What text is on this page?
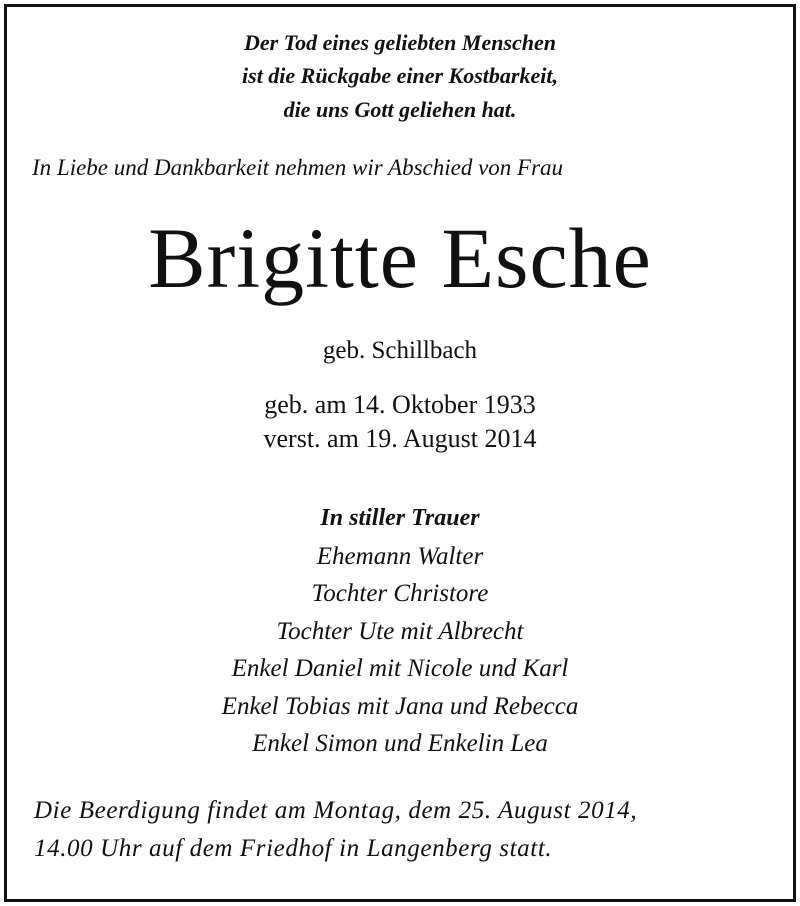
Der Tod eines geliebten Menschen
ist die Rückgabe einer Kostbarkeit,
die uns Gott geliehen hat.
In Liebe und Dankbarkeit nehmen wir Abschied von Frau
Brigitte Esche
geb. Schillbach
geb. am 14. Oktober 1933
verst. am 19. August 2014
In stiller Trauer
Ehemann Walter
Tochter Christore
Tochter Ute mit Albrecht
Enkel Daniel mit Nicole und Karl
Enkel Tobias mit Jana und Rebecca
Enkel Simon und Enkelin Lea
Die Beerdigung findet am Montag, dem 25. August 2014,
14.00 Uhr auf dem Friedhof in Langenberg statt.
